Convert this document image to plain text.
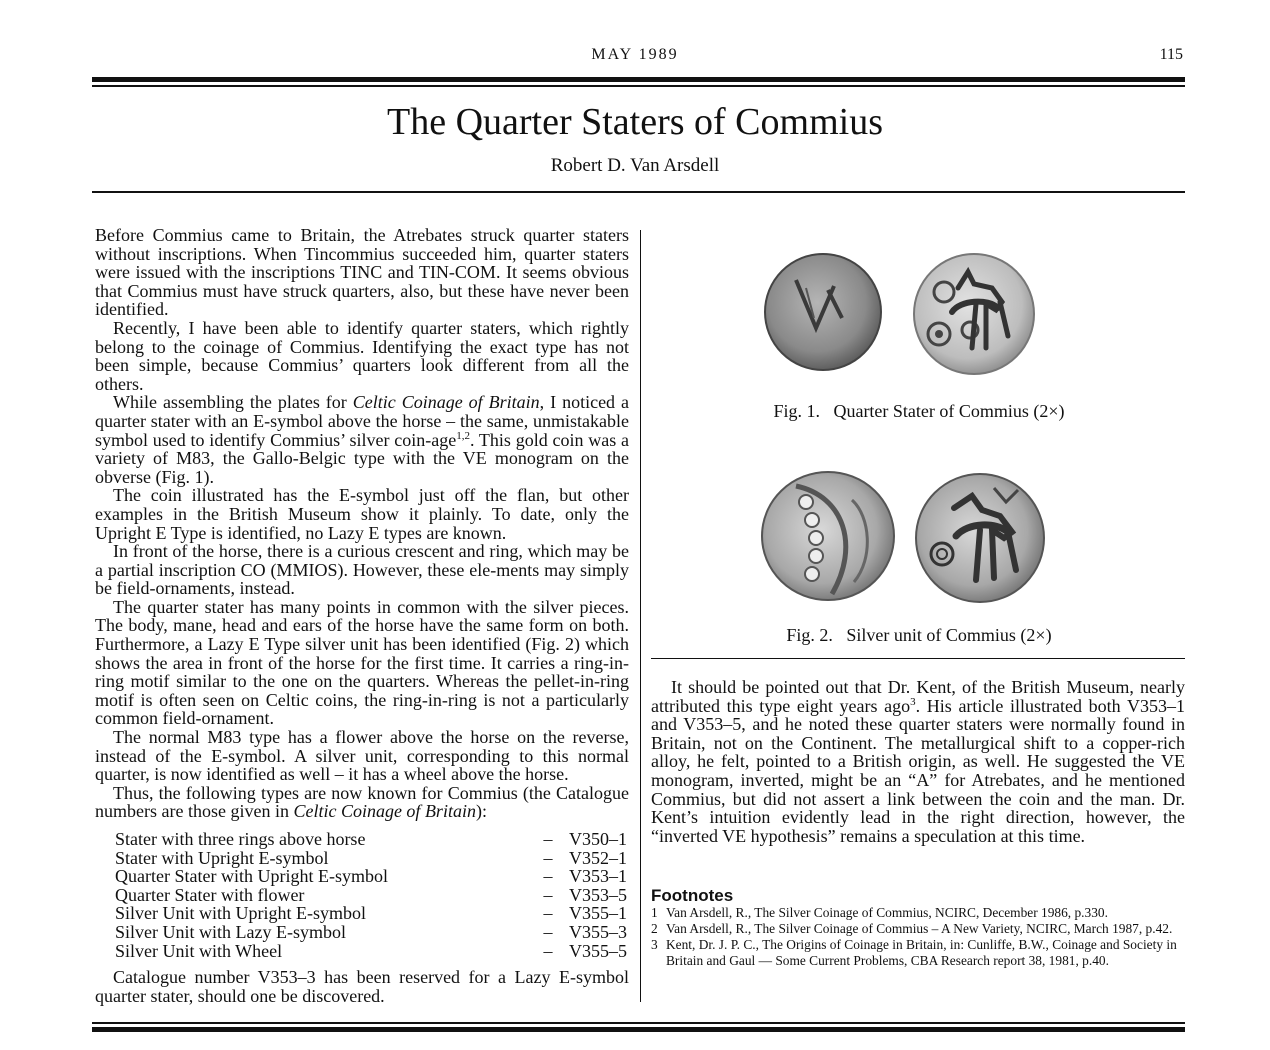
MAY 1989	115
The Quarter Staters of Commius
Robert D. Van Arsdell

Before Commius came to Britain, the Atrebates struck quarter staters without inscriptions. When Tincommius succeeded him, quarter staters were issued with the inscriptions TINC and TIN-COM. It seems obvious that Commius must have struck quarters, also, but these have never been identified.

Recently, I have been able to identify quarter staters, which rightly belong to the coinage of Commius. Identifying the exact type has not been simple, because Commius’ quarters look different from all the others.

While assembling the plates for Celtic Coinage of Britain, I noticed a quarter stater with an E-symbol above the horse – the same, unmistakable symbol used to identify Commius’ silver coin-age$^{1,2}$. This gold coin was a variety of M83, the Gallo-Belgic type with the VE monogram on the obverse (Fig. 1).

The coin illustrated has the E-symbol just off the flan, but other examples in the British Museum show it plainly. To date, only the Upright E Type is identified, no Lazy E types are known.

In front of the horse, there is a curious crescent and ring, which may be a partial inscription CO (MMIOS). However, these ele-ments may simply be field-ornaments, instead.

The quarter stater has many points in common with the silver pieces. The body, mane, head and ears of the horse have the same form on both. Furthermore, a Lazy E Type silver unit has been identified (Fig. 2) which shows the area in front of the horse for the first time. It carries a ring-in-ring motif similar to the one on the quarters. Whereas the pellet-in-ring motif is often seen on Celtic coins, the ring-in-ring is not a particularly common field-ornament.

The normal M83 type has a flower above the horse on the reverse, instead of the E-symbol. A silver unit, corresponding to this normal quarter, is now identified as well – it has a wheel above the horse.

Thus, the following types are now known for Commius (the Catalogue numbers are those given in Celtic Coinage of Britain):

Stater with three rings above horse	–	V350–1
Stater with Upright E-symbol	–	V352–1
Quarter Stater with Upright E-symbol	–	V353–1
Quarter Stater with flower	–	V353–5
Silver Unit with Upright E-symbol	–	V355–1
Silver Unit with Lazy E-symbol	–	V355–3
Silver Unit with Wheel	–	V355–5

Catalogue number V353–3 has been reserved for a Lazy E-symbol quarter stater, should one be discovered.

Fig. 1.   Quarter Stater of Commius (2×)
Fig. 2.   Silver unit of Commius (2×)

It should be pointed out that Dr. Kent, of the British Museum, nearly attributed this type eight years ago$^3$. His article illustrated both V353–1 and V353–5, and he noted these quarter staters were normally found in Britain, not on the Continent. The metallurgical shift to a copper-rich alloy, he felt, pointed to a British origin, as well. He suggested the VE monogram, inverted, might be an “A” for Atrebates, and he mentioned Commius, but did not assert a link between the coin and the man. Dr. Kent’s intuition evidently lead in the right direction, however, the “inverted VE hypothesis” remains a speculation at this time.

Footnotes
1 Van Arsdell, R., The Silver Coinage of Commius, NCIRC, December 1986, p.330.
2 Van Arsdell, R., The Silver Coinage of Commius – A New Variety, NCIRC, March 1987, p.42.
3 Kent, Dr. J. P. C., The Origins of Coinage in Britain, in: Cunliffe, B.W., Coinage and Society in Britain and Gaul — Some Current Problems, CBA Research report 38, 1981, p.40.
